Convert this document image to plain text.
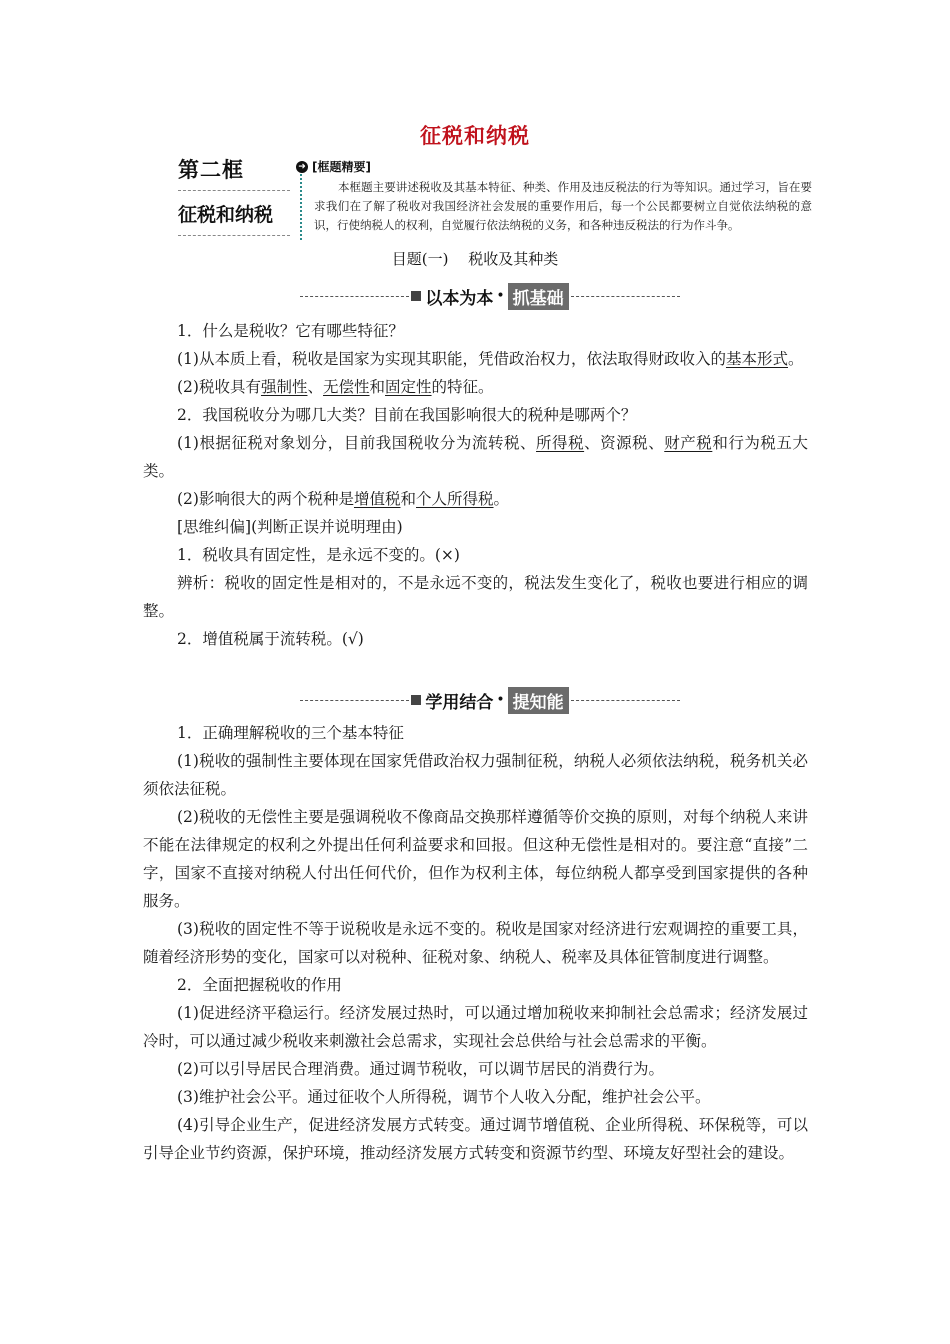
征税和纳税
第二框
征税和纳税
➜ [框题精要]
本框题主要讲述税收及其基本特征、种类、作用及违反税法的行为等知识。通过学习，旨在要求我们在了解了税收对我国经济社会发展的重要作用后，每一个公民都要树立自觉依法纳税的意识，行使纳税人的权利，自觉履行依法纳税的义务，和各种违反税法的行为作斗争。
目题(一)　 税收及其种类
以本为本 • 抓基础

1．什么是税收？它有哪些特征？

(1)从本质上看，税收是国家为实现其职能，凭借政治权力，依法取得财政收入的基本形式。

(2)税收具有强制性、无偿性和固定性的特征。

2．我国税收分为哪几大类？目前在我国影响很大的税种是哪两个？

(1)根据征税对象划分，目前我国税收分为流转税、所得税、资源税、财产税和行为税五大类。

(2)影响很大的两个税种是增值税和个人所得税。

[思维纠偏](判断正误并说明理由)

1．税收具有固定性，是永远不变的。(×)

辨析：税收的固定性是相对的，不是永远不变的，税法发生变化了，税收也要进行相应的调整。

2．增值税属于流转税。(√)

学用结合 • 提知能

1．正确理解税收的三个基本特征

(1)税收的强制性主要体现在国家凭借政治权力强制征税，纳税人必须依法纳税，税务机关必须依法征税。

(2)税收的无偿性主要是强调税收不像商品交换那样遵循等价交换的原则，对每个纳税人来讲不能在法律规定的权利之外提出任何利益要求和回报。但这种无偿性是相对的。要注意“直接”二字，国家不直接对纳税人付出任何代价，但作为权利主体，每位纳税人都享受到国家提供的各种服务。

(3)税收的固定性不等于说税收是永远不变的。税收是国家对经济进行宏观调控的重要工具，随着经济形势的变化，国家可以对税种、征税对象、纳税人、税率及具体征管制度进行调整。

2．全面把握税收的作用

(1)促进经济平稳运行。经济发展过热时，可以通过增加税收来抑制社会总需求；经济发展过冷时，可以通过减少税收来刺激社会总需求，实现社会总供给与社会总需求的平衡。

(2)可以引导居民合理消费。通过调节税收，可以调节居民的消费行为。

(3)维护社会公平。通过征收个人所得税，调节个人收入分配，维护社会公平。

(4)引导企业生产，促进经济发展方式转变。通过调节增值税、企业所得税、环保税等，可以引导企业节约资源，保护环境，推动经济发展方式转变和资源节约型、环境友好型社会的建设。
